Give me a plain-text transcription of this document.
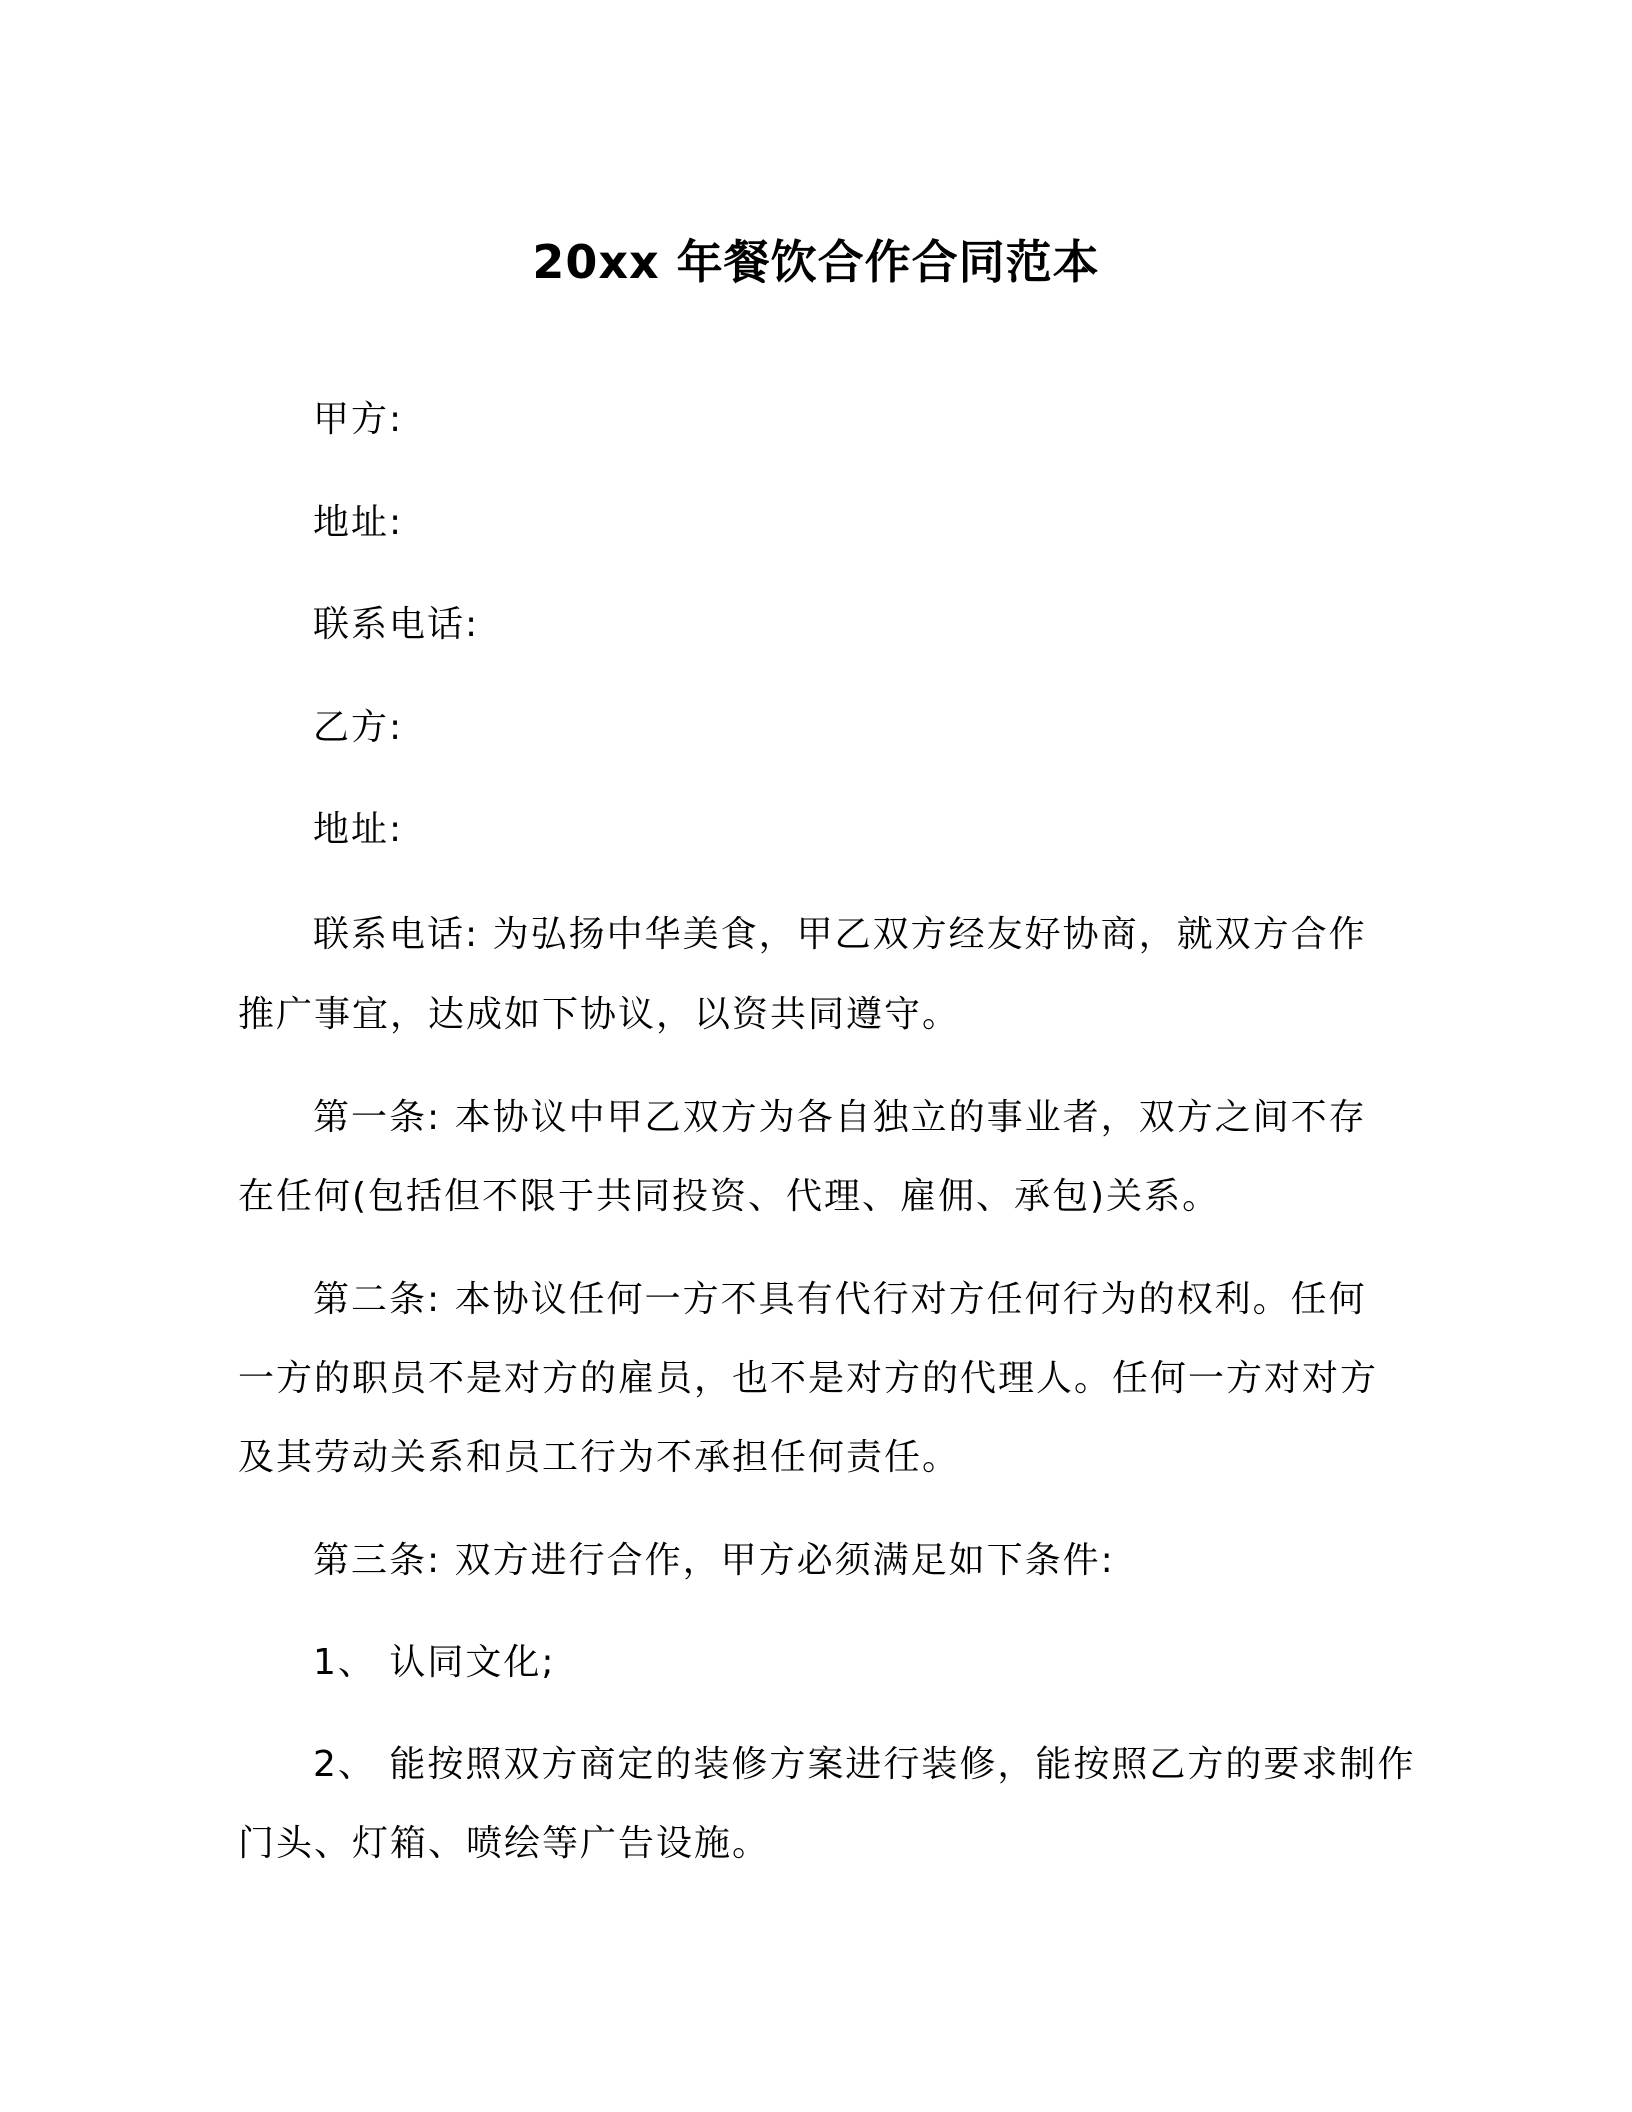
20xx 年餐饮合作合同范本
甲方:
地址:
联系电话:
乙方:
地址:
联系电话: 为弘扬中华美食，甲乙双方经友好协商，就双方合作
推广事宜，达成如下协议，以资共同遵守。
第一条: 本协议中甲乙双方为各自独立的事业者，双方之间不存
在任何(包括但不限于共同投资、代理、雇佣、承包)关系。
第二条: 本协议任何一方不具有代行对方任何行为的权利。任何
一方的职员不是对方的雇员，也不是对方的代理人。任何一方对对方
及其劳动关系和员工行为不承担任何责任。
第三条: 双方进行合作，甲方必须满足如下条件:
1、 认同文化;
2、 能按照双方商定的装修方案进行装修，能按照乙方的要求制作
门头、灯箱、喷绘等广告设施。
